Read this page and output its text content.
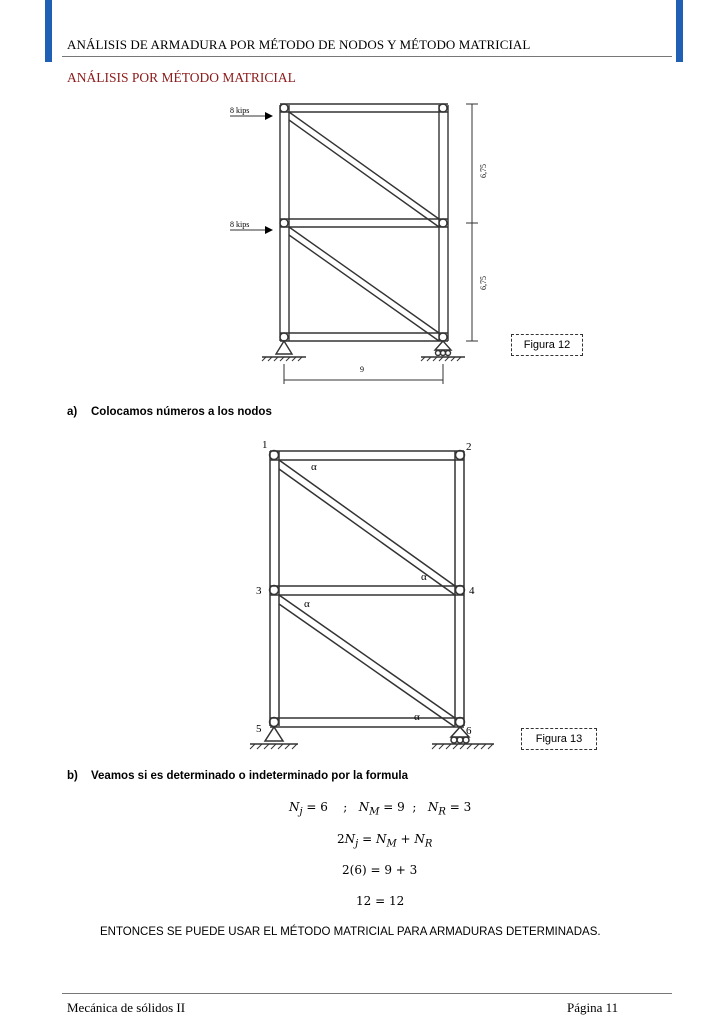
ANÁLISIS DE ARMADURA POR MÉTODO DE NODOS Y MÉTODO MATRICIAL
ANÁLISIS POR MÉTODO MATRICIAL
8 kips
8 kips
6,75
6,75
9
Figura 12
a) Colocamos números a los nodos
1	2
3	4
5	6
α
α
α
α
Figura 13
b) Veamos si es determinado o indeterminado por la formula
$N_j = 6$    ;   $N_M = 9$  ;   $N_R = 3$
$2N_j = N_M + N_R$
2(6) = 9 + 3
12 = 12
ENTONCES SE PUEDE USAR EL MÉTODO MATRICIAL PARA ARMADURAS DETERMINADAS.
Mecánica de sólidos II	Página 11
